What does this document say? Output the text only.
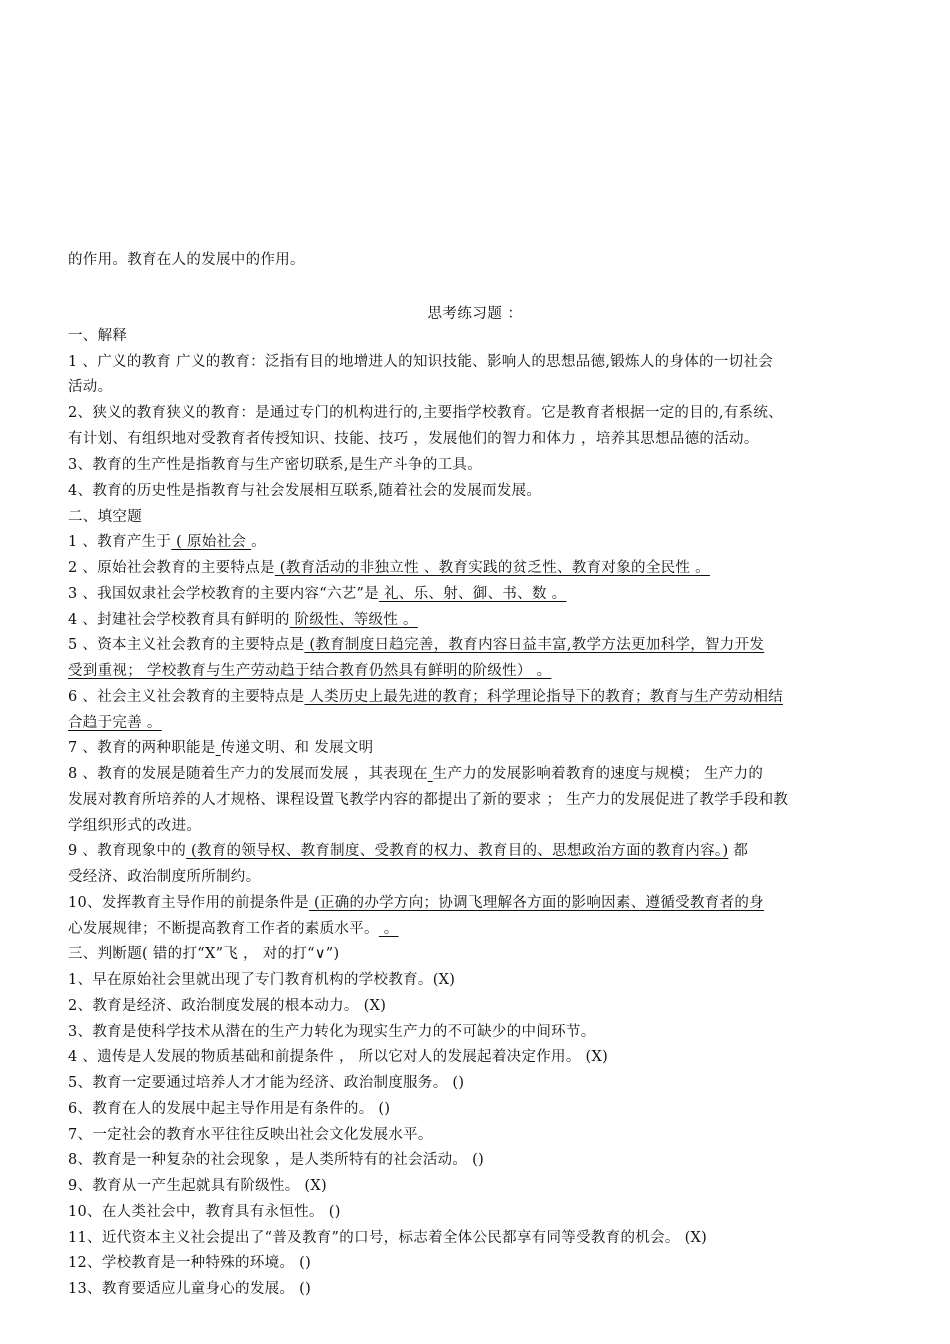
的作用。教育在人的发展中的作用。
思考练习题 ：
一、解释
1 、广义的教育 广义的教育：泛指有目的地增进人的知识技能、影响人的思想品德,锻炼人的身体的一切社会
活动。
2、狭义的教育狭义的教育：是通过专门的机构进行的,主要指学校教育。它是教育者根据一定的目的,有系统、
有计划、有组织地对受教育者传授知识、技能、技巧 ，发展他们的智力和体力 ，培养其思想品德的活动。
3、教育的生产性是指教育与生产密切联系,是生产斗争的工具。
4、教育的历史性是指教育与社会发展相互联系,随着社会的发展而发展。
二、填空题
1 、教育产生于 ( 原始社会 。
2 、原始社会教育的主要特点是 (教育活动的非独立性 、教育实践的贫乏性、教育对象的全民性 。
3 、我国奴隶社会学校教育的主要内容“六艺”是 礼、乐、射、御、书、数 。
4 、封建社会学校教育具有鲜明的 阶级性、等级性 。
5 、资本主义社会教育的主要特点是 (教育制度日趋完善，教育内容日益丰富,教学方法更加科学，智力开发
受到重视； 学校教育与生产劳动趋于结合教育仍然具有鲜明的阶级性） 。
6 、社会主义社会教育的主要特点是 人类历史上最先进的教育；科学理论指导下的教育；教育与生产劳动相结
合趋于完善 。
7 、教育的两种职能是 传递文明、和 发展文明
8 、教育的发展是随着生产力的发展而发展 ，其表现在 生产力的发展影响着教育的速度与规模； 生产力的
发展对教育所培养的人才规格、课程设置飞教学内容的都提出了新的要求 ； 生产力的发展促进了教学手段和教
学组织形式的改进。
9 、教育现象中的 (教育的领导权、教育制度、受教育的权力、教育目的、思想政治方面的教育内容。) 都
受经济、政治制度所所制约。
10、发挥教育主导作用的前提条件是 (正确的办学方向；协调飞理解各方面的影响因素、遵循受教育者的身
心发展规律；不断提高教育工作者的素质水平。 。
三、判断题( 错的打“X”飞 ， 对的打“∨”)
1、早在原始社会里就出现了专门教育机构的学校教育。(X)
2、教育是经济、政治制度发展的根本动力。 (X)
3、教育是使科学技术从潜在的生产力转化为现实生产力的不可缺少的中间环节。
4 、遗传是人发展的物质基础和前提条件 ， 所以它对人的发展起着决定作用。 (X)
5、教育一定要通过培养人才才能为经济、政治制度服务。 ()
6、教育在人的发展中起主导作用是有条件的。 ()
7、一定社会的教育水平往往反映出社会文化发展水平。
8、教育是一种复杂的社会现象 ，是人类所特有的社会活动。 ()
9、教育从一产生起就具有阶级性。 (X)
10、在人类社会中，教育具有永恒性。 ()
11、近代资本主义社会提出了“普及教育”的口号，标志着全体公民都享有同等受教育的机会。 (X)
12、学校教育是一种特殊的环境。 ()
13、教育要适应儿童身心的发展。 ()
